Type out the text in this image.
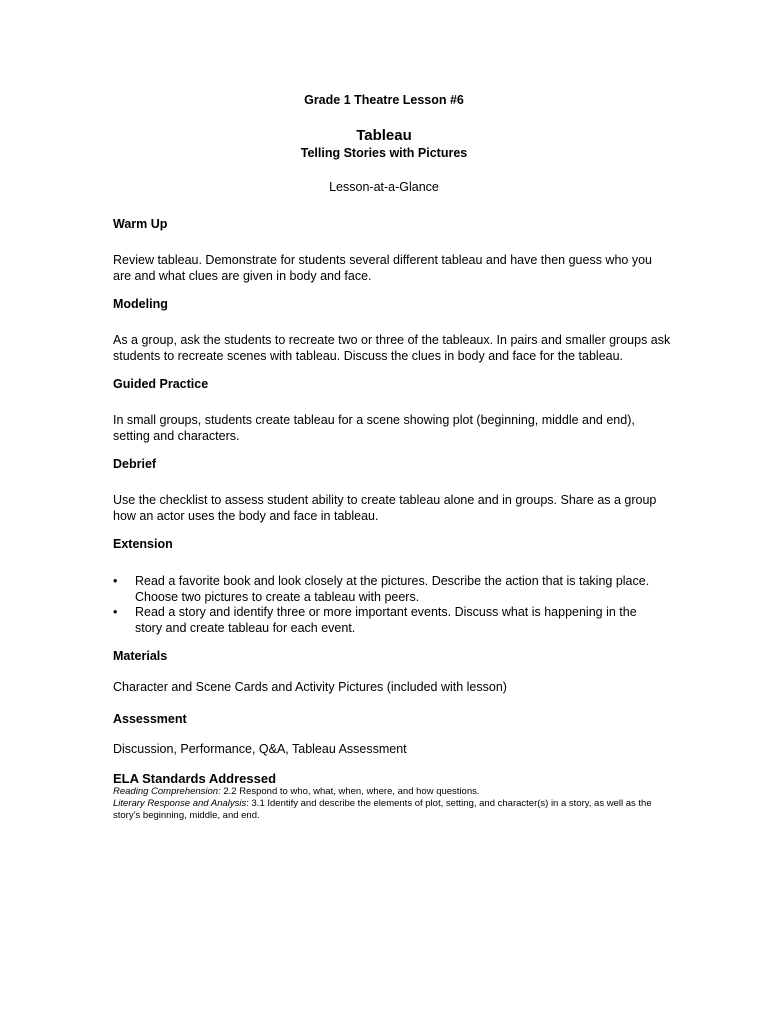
Grade 1 Theatre Lesson #6

Tableau

Telling Stories with Pictures

Lesson-at-a-Glance

Warm Up

Review tableau. Demonstrate for students several different tableau and have then guess who you are and what clues are given in body and face.

Modeling

As a group, ask the students to recreate two or three of the tableaux. In pairs and smaller groups ask students to recreate scenes with tableau. Discuss the clues in body and face for the tableau.

Guided Practice

In small groups, students create tableau for a scene showing plot (beginning, middle and end), setting and characters.

Debrief

Use the checklist to assess student ability to create tableau alone and in groups. Share as a group how an actor uses the body and face in tableau.

Extension

• Read a favorite book and look closely at the pictures. Describe the action that is taking place. Choose two pictures to create a tableau with peers.
• Read a story and identify three or more important events. Discuss what is happening in the story and create tableau for each event.

Materials

Character and Scene Cards and Activity Pictures (included with lesson)

Assessment

Discussion, Performance, Q&A, Tableau Assessment

ELA Standards Addressed

Reading Comprehension: 2.2 Respond to who, what, when, where, and how questions.
Literary Response and Analysis: 3.1 Identify and describe the elements of plot, setting, and character(s) in a story, as well as the story’s beginning, middle, and end.
